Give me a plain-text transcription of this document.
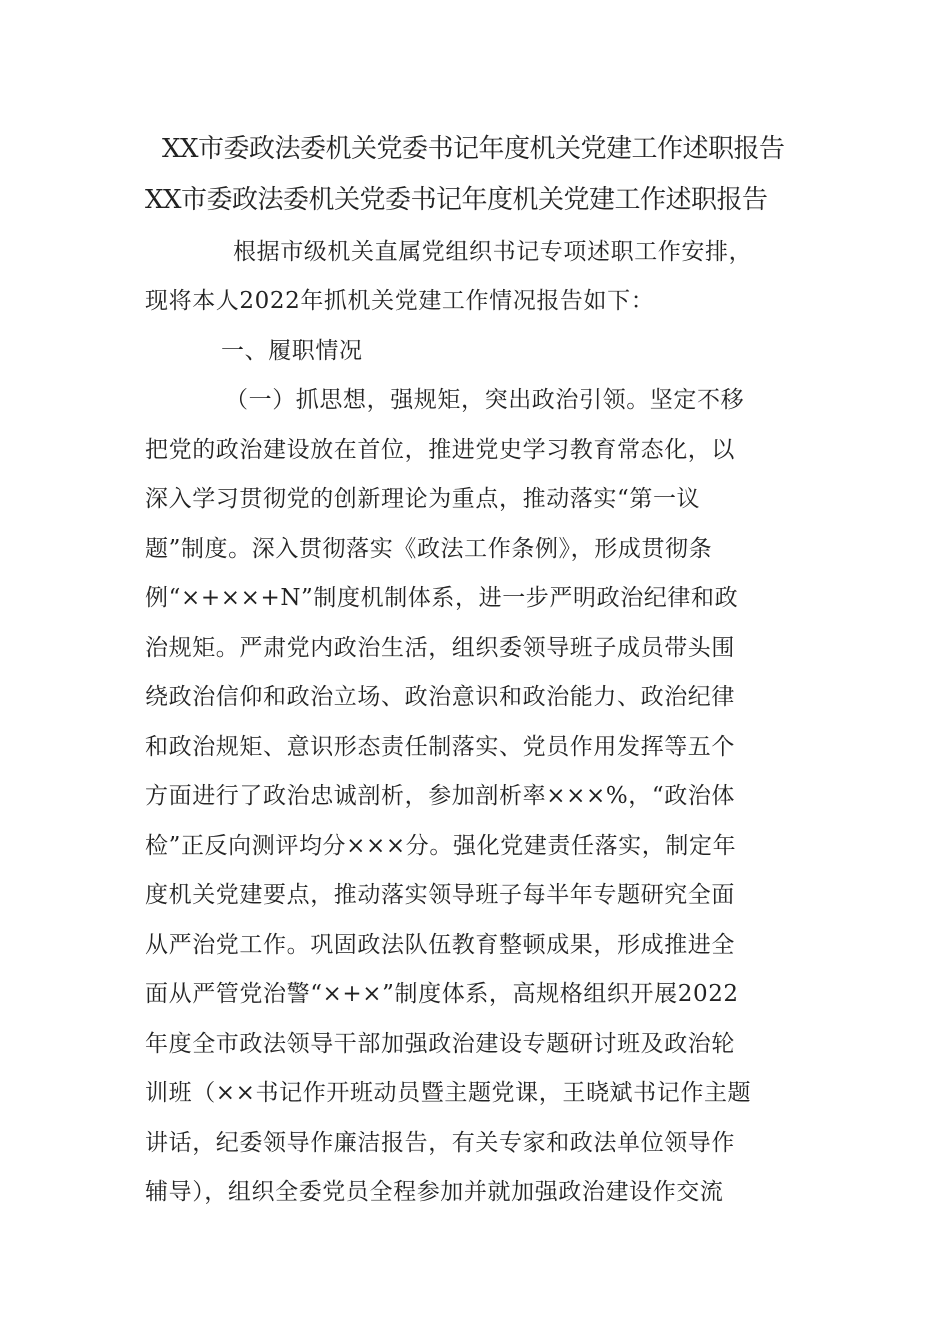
XX市委政法委机关党委书记年度机关党建工作述职报告
XX市委政法委机关党委书记年度机关党建工作述职报告
根据市级机关直属党组织书记专项述职工作安排，
现将本人2022年抓机关党建工作情况报告如下：
一、履职情况
（一）抓思想，强规矩，突出政治引领。坚定不移
把党的政治建设放在首位，推进党史学习教育常态化，以
深入学习贯彻党的创新理论为重点，推动落实“第一议
题”制度。深入贯彻落实《政法工作条例》，形成贯彻条
例“×+××+N”制度机制体系，进一步严明政治纪律和政
治规矩。严肃党内政治生活，组织委领导班子成员带头围
绕政治信仰和政治立场、政治意识和政治能力、政治纪律
和政治规矩、意识形态责任制落实、党员作用发挥等五个
方面进行了政治忠诚剖析，参加剖析率×××%，“政治体
检”正反向测评均分×××分。强化党建责任落实，制定年
度机关党建要点，推动落实领导班子每半年专题研究全面
从严治党工作。巩固政法队伍教育整顿成果，形成推进全
面从严管党治警“×+×”制度体系，高规格组织开展2022
年度全市政法领导干部加强政治建设专题研讨班及政治轮
训班（××书记作开班动员暨主题党课，王晓斌书记作主题
讲话，纪委领导作廉洁报告，有关专家和政法单位领导作
辅导），组织全委党员全程参加并就加强政治建设作交流
